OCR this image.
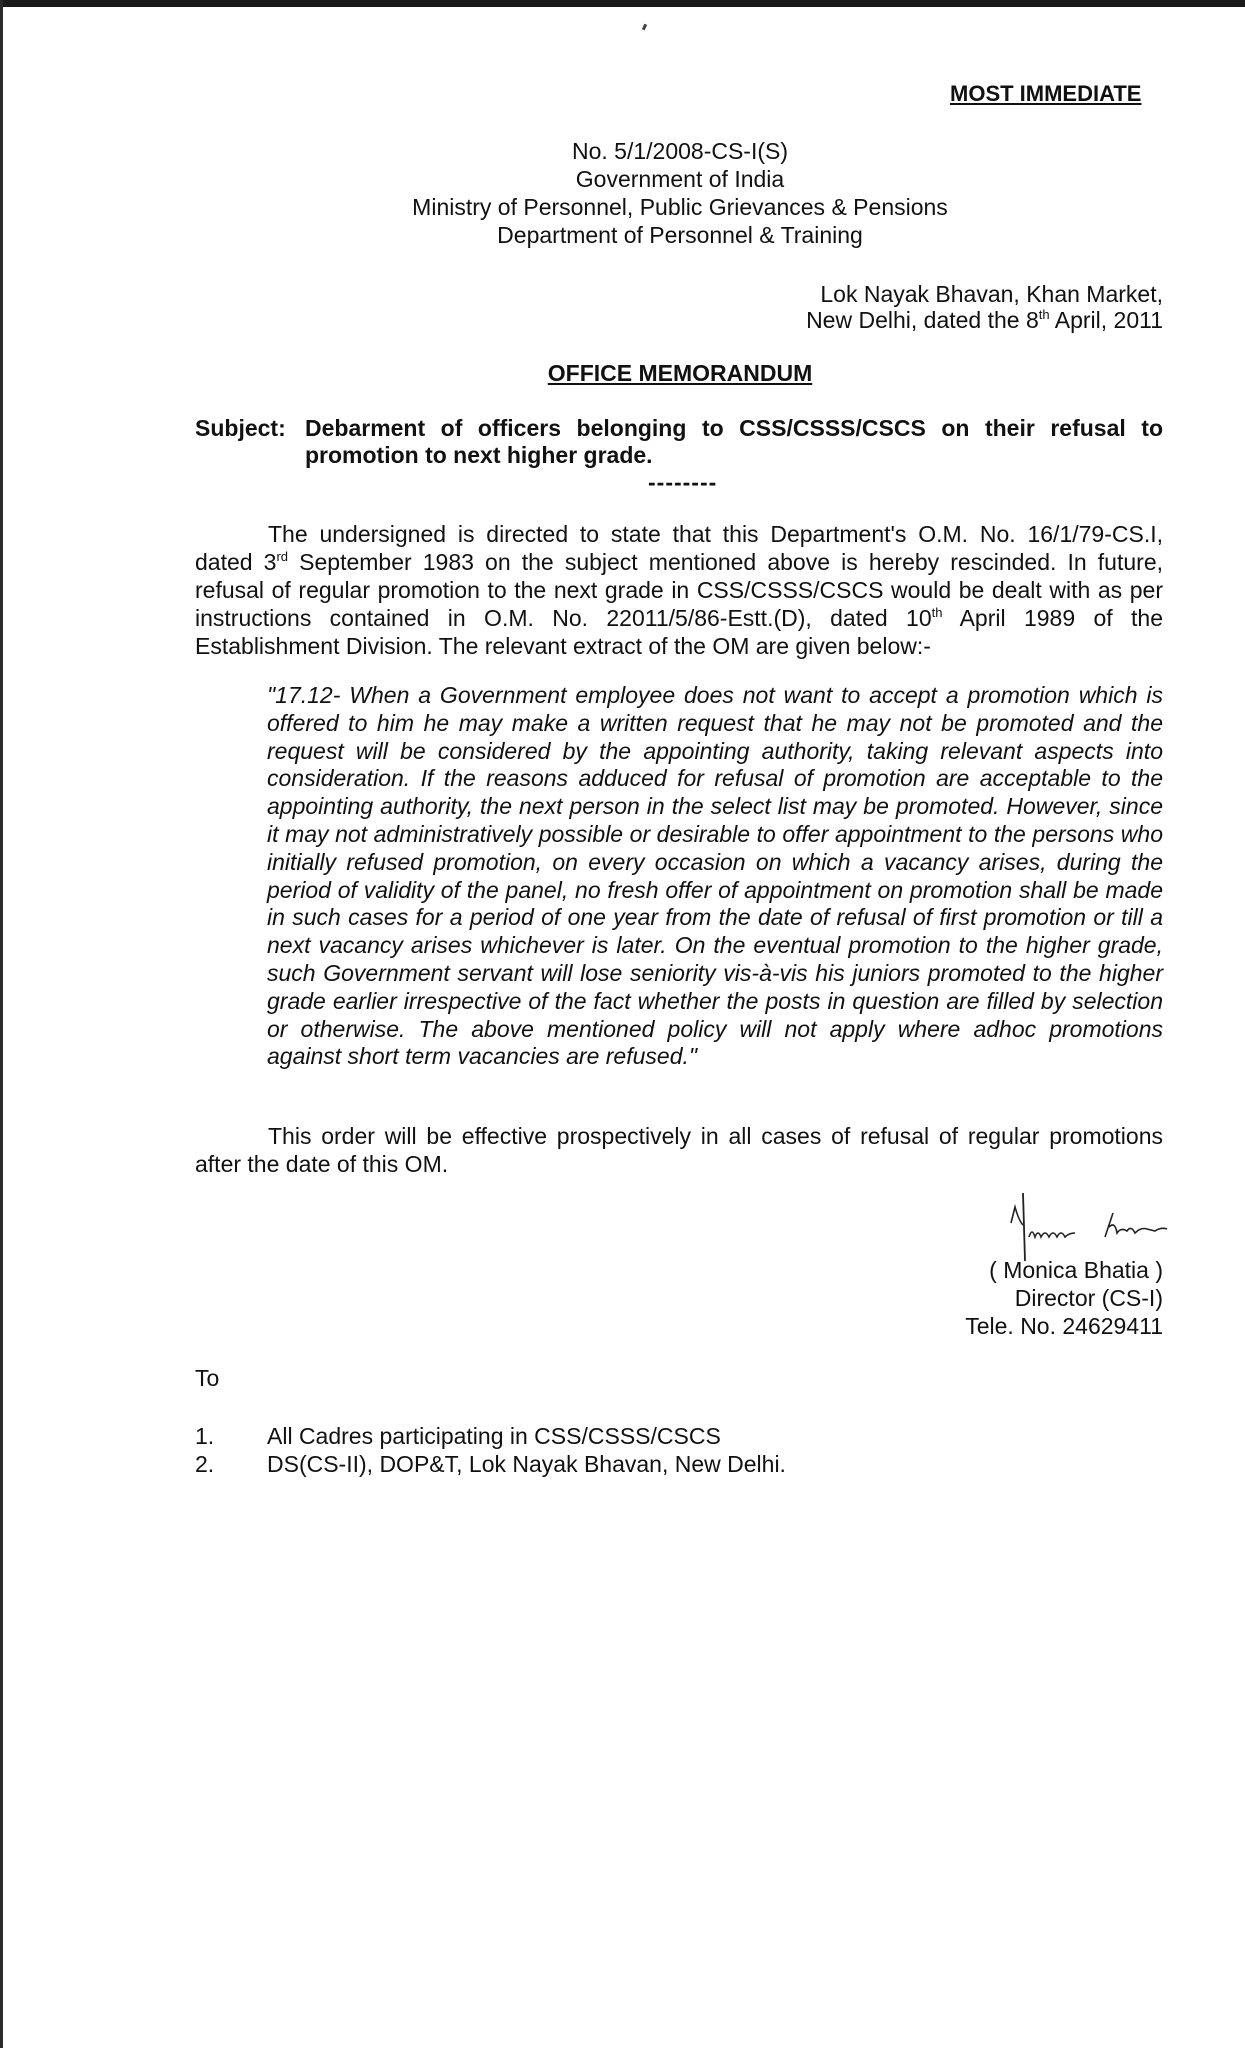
MOST IMMEDIATE
No. 5/1/2008-CS-I(S)
Government of India
Ministry of Personnel, Public Grievances & Pensions
Department of Personnel & Training
Lok Nayak Bhavan, Khan Market,
New Delhi, dated the 8th April, 2011
OFFICE MEMORANDUM
Subject: Debarment of officers belonging to CSS/CSSS/CSCS on their refusal to
promotion to next higher grade.
--------
The undersigned is directed to state that this Department's O.M. No. 16/1/79-CS.I, dated 3rd September 1983 on the subject mentioned above is hereby rescinded. In future, refusal of regular promotion to the next grade in CSS/CSSS/CSCS would be dealt with as per instructions contained in O.M. No. 22011/5/86-Estt.(D), dated 10th April 1989 of the Establishment Division. The relevant extract of the OM are given below:-
"17.12- When a Government employee does not want to accept a promotion which is offered to him he may make a written request that he may not be promoted and the request will be considered by the appointing authority, taking relevant aspects into consideration. If the reasons adduced for refusal of promotion are acceptable to the appointing authority, the next person in the select list may be promoted. However, since it may not administratively possible or desirable to offer appointment to the persons who initially refused promotion, on every occasion on which a vacancy arises, during the period of validity of the panel, no fresh offer of appointment on promotion shall be made in such cases for a period of one year from the date of refusal of first promotion or till a next vacancy arises whichever is later. On the eventual promotion to the higher grade, such Government servant will lose seniority vis-à-vis his juniors promoted to the higher grade earlier irrespective of the fact whether the posts in question are filled by selection or otherwise. The above mentioned policy will not apply where adhoc promotions against short term vacancies are refused."
This order will be effective prospectively in all cases of refusal of regular promotions after the date of this OM.
( Monica Bhatia )
Director (CS-I)
Tele. No. 24629411
To
1.	All Cadres participating in CSS/CSSS/CSCS
2.	DS(CS-II), DOP&T, Lok Nayak Bhavan, New Delhi.
